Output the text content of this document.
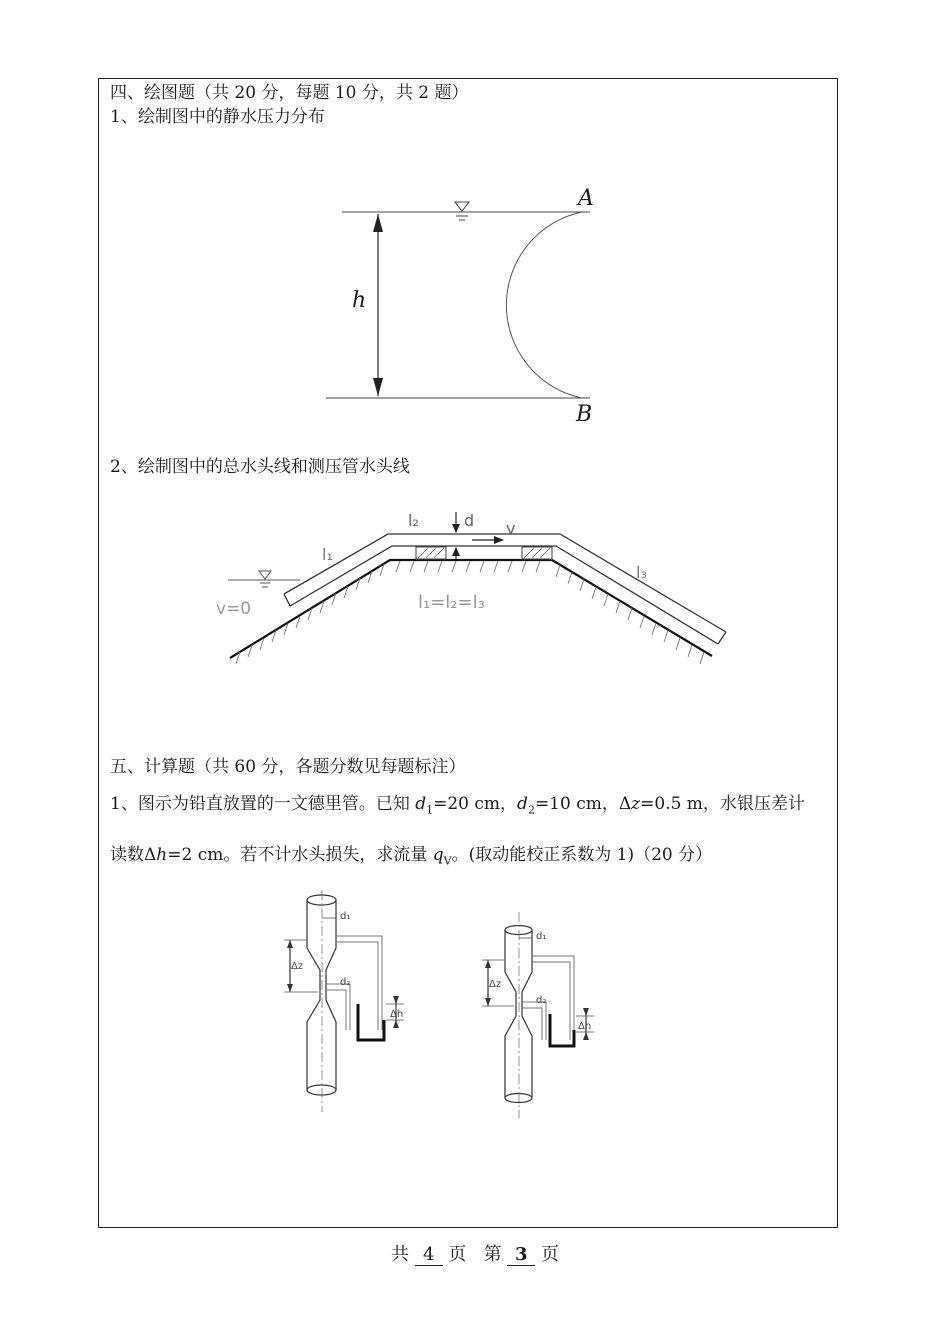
四、绘图题（共 20 分，每题 10 分，共 2 题）
1、绘制图中的静水压力分布
h
A
B
2、绘制图中的总水头线和测压管水头线
l₂	d v
l₁
l₃
l₁=l₂=l₃
v=0
五、计算题（共 60 分，各题分数见每题标注）
1、图示为铅直放置的一文德里管。已知 $d_1=20$ cm，$d_2=10$ cm，Δz=0.5 m，水银压差计
读数Δh=2 cm。若不计水头损失，求流量 $q_V$。(取动能校正系数为 1)（20 分）
d₁
d₂
Δz
Δh
d₁
d₂
Δz
Δh
共 4 页 第 3 页
